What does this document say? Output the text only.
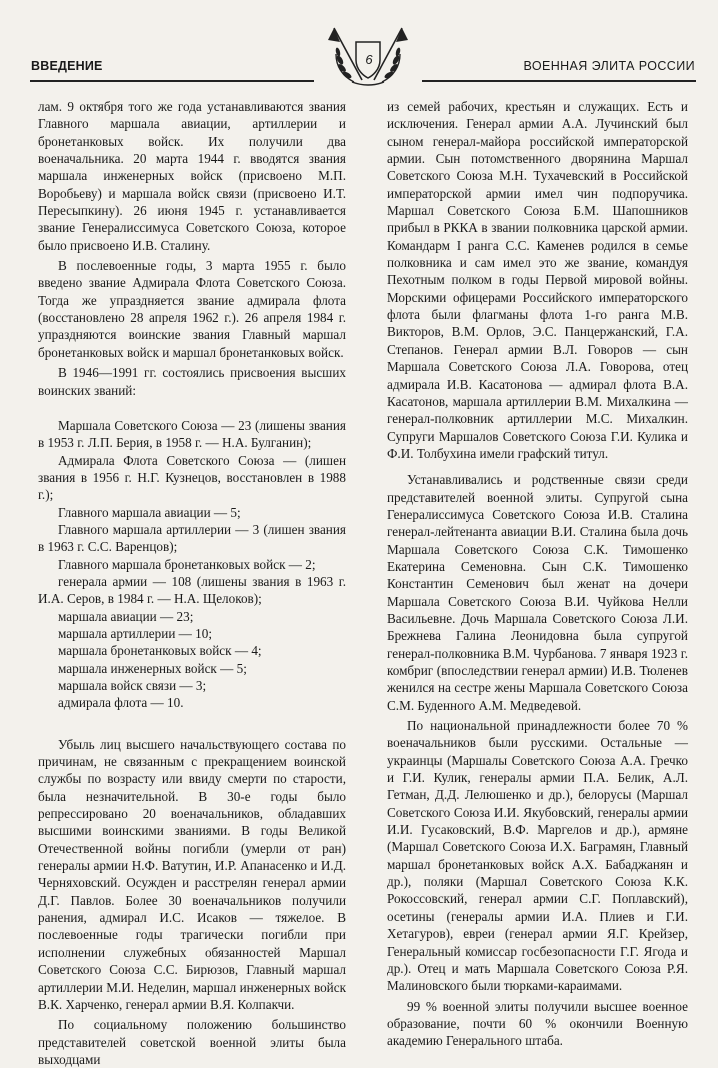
ВВЕДЕНИЕ	ВОЕННАЯ ЭЛИТА РОССИИ
6

лам. 9 октября того же года устанавливаются звания Главного маршала авиации, артиллерии и бронетанковых войск. Их получили два военачальника. 20 марта 1944 г. вводятся звания маршала инженерных войск (присвоено М.П. Воробьеву) и маршала войск связи (присвоено И.Т. Пересыпкину). 26 июня 1945 г. устанавливается звание Генералиссимуса Советского Союза, которое было присвоено И.В. Сталину.

В послевоенные годы, 3 марта 1955 г. было введено звание Адмирала Флота Советского Союза. Тогда же упраздняется звание адмирала флота (восстановлено 28 апреля 1962 г.). 26 апреля 1984 г. упраздняются воинские звания Главный маршал бронетанковых войск и маршал бронетанковых войск.

В 1946—1991 гг. состоялись присвоения высших воинских званий:

Маршала Советского Союза — 23 (лишены звания в 1953 г. Л.П. Берия, в 1958 г. — Н.А. Булганин);

Адмирала Флота Советского Союза — (лишен звания в 1956 г. Н.Г. Кузнецов, восстановлен в 1988 г.);

Главного маршала авиации — 5;

Главного маршала артиллерии — 3 (лишен звания в 1963 г. С.С. Варенцов);

Главного маршала бронетанковых войск — 2;

генерала армии — 108 (лишены звания в 1963 г. И.А. Серов, в 1984 г. — Н.А. Щелоков);

маршала авиации — 23;

маршала артиллерии — 10;

маршала бронетанковых войск — 4;

маршала инженерных войск — 5;

маршала войск связи — 3;

адмирала флота — 10.

Убыль лиц высшего начальствующего состава по причинам, не связанным с прекращением воинской службы по возрасту или ввиду смерти по старости, была незначительной. В 30-е годы было репрессировано 20 военачальников, обладавших высшими воинскими званиями. В годы Великой Отечественной войны погибли (умерли от ран) генералы армии Н.Ф. Ватутин, И.Р. Апанасенко и И.Д. Черняховский. Осужден и расстрелян генерал армии Д.Г. Павлов. Более 30 военачальников получили ранения, адмирал И.С. Исаков — тяжелое. В послевоенные годы трагически погибли при исполнении служебных обязанностей Маршал Советского Союза С.С. Бирюзов, Главный маршал артиллерии М.И. Неделин, маршал инженерных войск В.К. Харченко, генерал армии В.Я. Колпакчи.

По социальному положению большинство представителей советской военной элиты была выходцами

из семей рабочих, крестьян и служащих. Есть и исключения. Генерал армии А.А. Лучинский был сыном генерал-майора российской императорской армии. Сын потомственного дворянина Маршал Советского Союза М.Н. Тухачевский в Российской императорской армии имел чин подпоручика. Маршал Советского Союза Б.М. Шапошников прибыл в РККА в звании полковника царской армии. Командарм I ранга С.С. Каменев родился в семье полковника и сам имел это же звание, командуя Пехотным полком в годы Первой мировой войны. Морскими офицерами Российского императорского флота были флагманы флота 1-го ранга М.В. Викторов, В.М. Орлов, Э.С. Панцержанский, Г.А. Степанов. Генерал армии В.Л. Говоров — сын Маршала Советского Союза Л.А. Говорова, отец адмирала И.В. Касатонова — адмирал флота В.А. Касатонов, маршала артиллерии В.М. Михалкина — генерал-полковник артиллерии М.С. Михалкин. Супруги Маршалов Советского Союза Г.И. Кулика и Ф.И. Толбухина имели графский титул.

Устанавливались и родственные связи среди представителей военной элиты. Супругой сына Генералиссимуса Советского Союза И.В. Сталина генерал-лейтенанта авиации В.И. Сталина была дочь Маршала Советского Союза С.К. Тимошенко Екатерина Семеновна. Сын С.К. Тимошенко Константин Семенович был женат на дочери Маршала Советского Союза В.И. Чуйкова Нелли Васильевне. Дочь Маршала Советского Союза Л.И. Брежнева Галина Леонидовна была супругой генерал-полковника В.М. Чурбанова. 7 января 1923 г. комбриг (впоследствии генерал армии) И.В. Тюленев женился на сестре жены Маршала Советского Союза С.М. Буденного А.М. Медведевой.

По национальной принадлежности более 70 % военачальников были русскими. Остальные — украинцы (Маршалы Советского Союза А.А. Гречко и Г.И. Кулик, генералы армии П.А. Белик, А.Л. Гетман, Д.Д. Лелюшенко и др.), белорусы (Маршал Советского Союза И.И. Якубовский, генералы армии И.И. Гусаковский, В.Ф. Маргелов и др.), армяне (Маршал Советского Союза И.Х. Баграмян, Главный маршал бронетанковых войск А.Х. Бабаджанян и др.), поляки (Маршал Советского Союза К.К. Рокоссовский, генерал армии С.Г. Поплавский), осетины (генералы армии И.А. Плиев и Г.И. Хетагуров), евреи (генерал армии Я.Г. Крейзер, Генеральный комиссар госбезопасности Г.Г. Ягода и др.). Отец и мать Маршала Советского Союза Р.Я. Малиновского были тюрками-караимами.

99 % военной элиты получили высшее военное образование, почти 60 % окончили Военную академию Генерального штаба.
